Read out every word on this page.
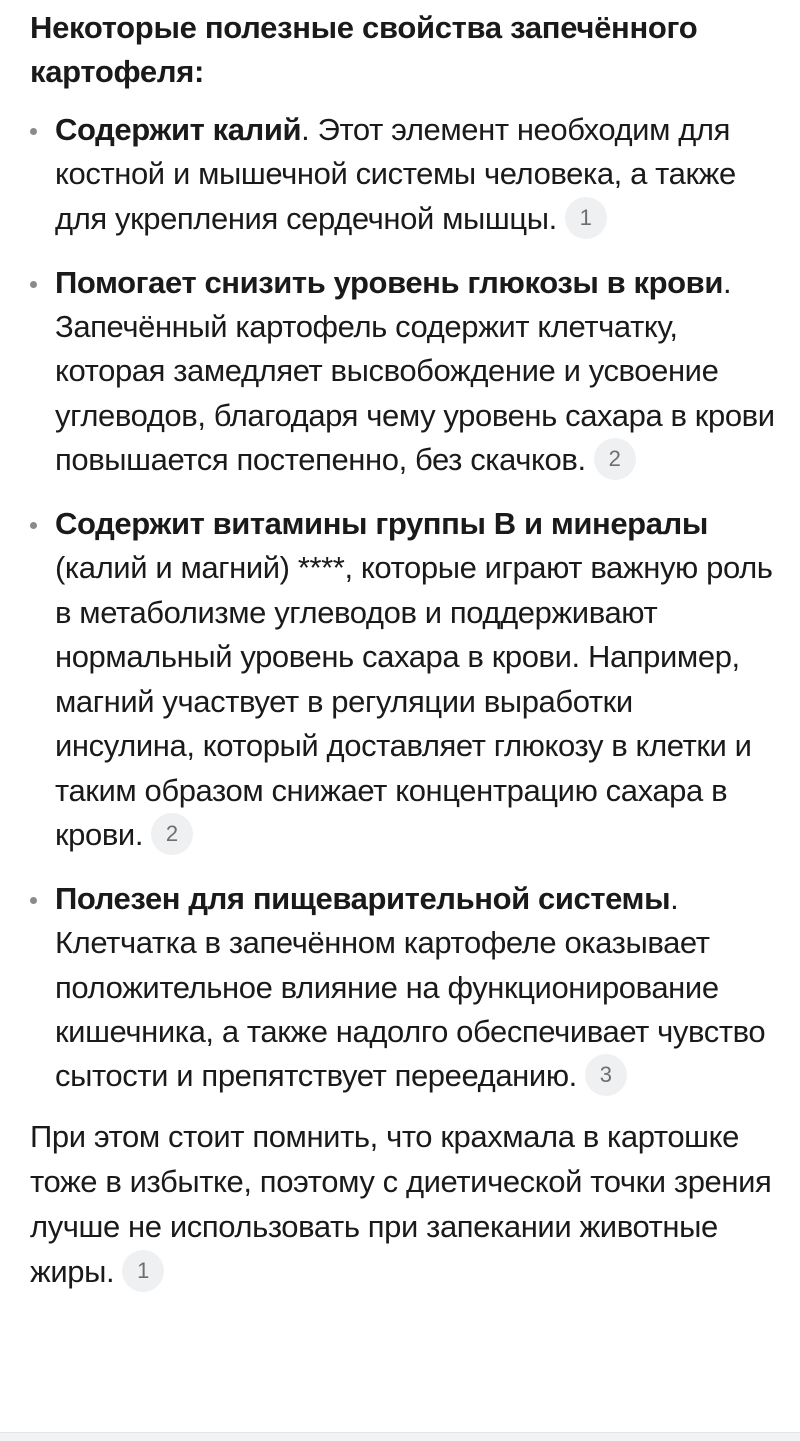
Некоторые полезные свойства запечённого картофеля:

Содержит калий. Этот элемент необходим для костной и мышечной системы человека, а также для укрепления сердечной мышцы. 1
Помогает снизить уровень глюкозы в крови. Запечённый картофель содержит клетчатку, которая замедляет высвобождение и усвоение углеводов, благодаря чему уровень сахара в крови повышается постепенно, без скачков. 2
Содержит витамины группы B и минералы (калий и магний) ****, которые играют важную роль в метаболизме углеводов и поддерживают нормальный уровень сахара в крови. Например, магний участвует в регуляции выработки инсулина, который доставляет глюкозу в клетки и таким образом снижает концентрацию сахара в крови. 2
Полезен для пищеварительной системы. Клетчатка в запечённом картофеле оказывает положительное влияние на функционирование кишечника, а также надолго обеспечивает чувство сытости и препятствует перееданию. 3

При этом стоит помнить, что крахмала в картошке тоже в избытке, поэтому с диетической точки зрения лучше не использовать при запекании животные жиры. 1
